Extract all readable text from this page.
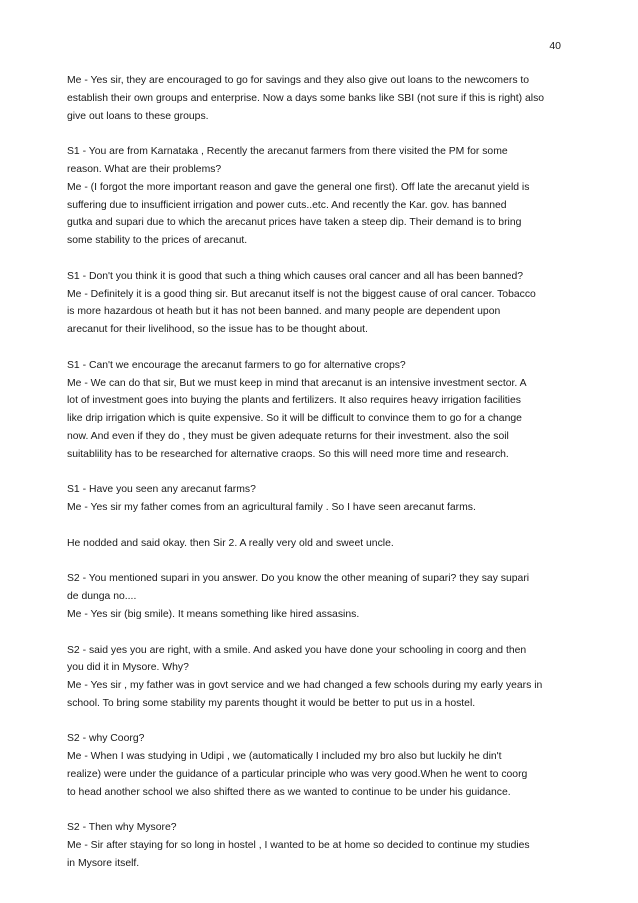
40
Me - Yes sir, they are encouraged to go for savings and they also give out loans to the newcomers to
establish their own groups and enterprise. Now a days some banks like SBI (not sure if this is right) also
give out loans to these groups.
S1 - You are from Karnataka , Recently the arecanut farmers from there visited the PM for some
reason. What are their problems?
Me - (I forgot the more important reason and gave the general one first). Off late the arecanut yield is
suffering due to insufficient irrigation and power cuts..etc. And recently the Kar. gov. has banned
gutka and supari due to which the arecanut prices have taken a steep dip. Their demand is to bring
some stability to the prices of arecanut.
S1 - Don't you think it is good that such a thing which causes oral cancer and all has been banned?
Me - Definitely it is a good thing sir. But arecanut itself is not the biggest cause of oral cancer. Tobacco
is more hazardous ot heath but it has not been banned. and many people are dependent upon
arecanut for their livelihood, so the issue has to be thought about.
S1 - Can't we encourage the arecanut farmers to go for alternative crops?
Me - We can do that sir, But we must keep in mind that arecanut is an intensive investment sector. A
lot of investment goes into buying the plants and fertilizers. It also requires heavy irrigation facilities
like drip irrigation which is quite expensive. So it will be difficult to convince them to go for a change
now. And even if they do , they must be given adequate returns for their investment. also the soil
suitablility has to be researched for alternative craops. So this will need more time and research.
S1 - Have you seen any arecanut farms?
Me - Yes sir my father comes from an agricultural family . So I have seen arecanut farms.
He nodded and said okay. then Sir 2. A really very old and sweet uncle.
S2 - You mentioned supari in you answer. Do you know the other meaning of supari? they say supari
de dunga no....
Me - Yes sir (big smile). It means something like hired assasins.
S2 - said yes you are right, with a smile. And asked you have done your schooling in coorg and then
you did it in Mysore. Why?
Me - Yes sir , my father was in govt service and we had changed a few schools during my early years in
school. To bring some stability my parents thought it would be better to put us in a hostel.
S2 - why Coorg?
Me - When I was studying in Udipi , we (automatically I included my bro also but luckily he din't
realize) were under the guidance of a particular principle who was very good.When he went to coorg
to head another school we also shifted there as we wanted to continue to be under his guidance.
S2 - Then why Mysore?
Me - Sir after staying for so long in hostel , I wanted to be at home so decided to continue my studies
in Mysore itself.
